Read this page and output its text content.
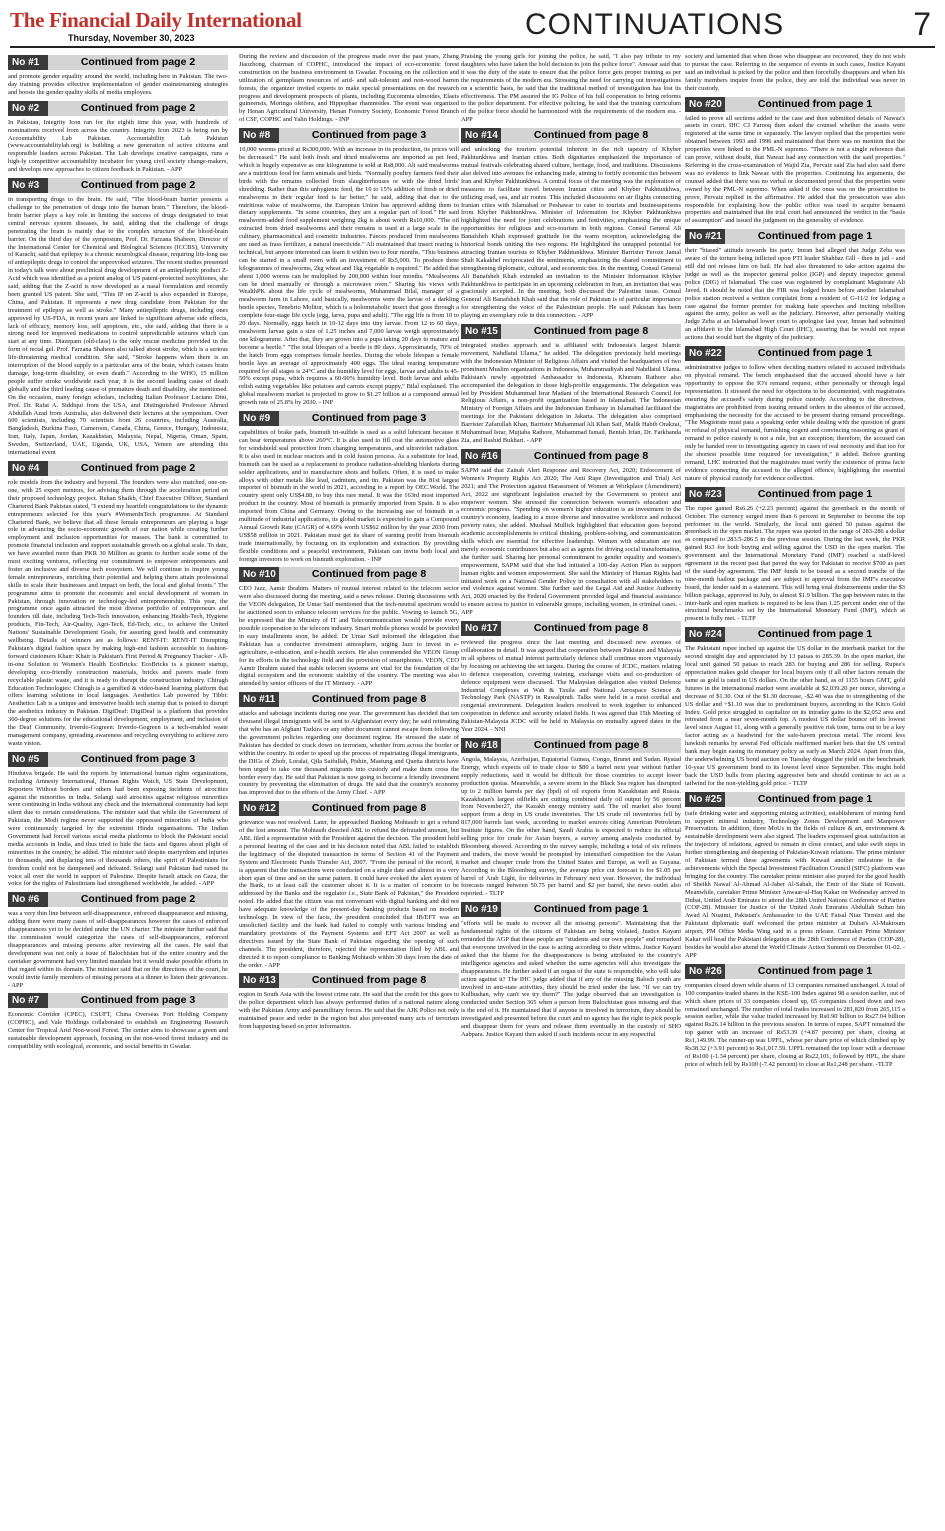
The Financial Daily International
Thursday, November 30, 2023	CONTINUATIONS	7
No #1	Continued from page 2
and promote gender equality around the world, including here in Pakistan. The two-day training provides effective implementation of gender mainstreaming strategies and boosts the gender quality skills of media employees.
No #2	Continued from page 2
In Pakistan, Integrity Icon ran for the eighth time this year, with hundreds of nominations received from across the country. Integrity Icon 2023 is being run by Accountability Lab Pakistan. Accountability Lab Pakistan (www.accountabilitylab.org) is building a new generation of active citizens and responsible leaders across Pakistan. The Lab develops creative campaigns, runs a high-ly competitive accountability incubator for young civil society change-makers, and develops new approaches to citizen feedback in Pakistan. - APP
No #3	Continued from page 2
in transporting drugs to the brain. He said, "The blood-brain barrier presents a challenge to the penetration of drugs into the human brain." Therefore, the blood-brain barrier plays a key role in limiting the success of drugs designated to treat central nervous system diseases, he said, adding that the challenge of drugs penetrating the brain is mainly due to the complex structure of the blood-brain barrier. On the third day of the symposium, Prof. Dr. Farzana Shaheen, Director of the International Center for Chemical and Biological Sciences (ICCBS), University of Karachi, said that epilepsy is a chronic neurological disease, requiring life-long use of antiepileptic drugs to control the unprovoked seizures. The recent studies presented in today's talk were about preclinical drug development of an antiepileptic product Z-Acid which was identified as a potent analog of US patent-protected isoxylitones, she said, adding that the Z-acid is now developed as a nasal formulation and recently been granted US patent. She said, "This IP on Z-acid is also expanded in Europe, China, and Pakistan. It represents a new drug candidate from Pakistan for the treatment of epilepsy as well as stroke." Many antiepileptic drugs, including ones approved by US-FDA, in recent years are linked to significant adverse side effects, lack of efficacy, memory loss, self apoptosis, etc., she said, adding that there is a strong need for improved medications to control unpredictable seizures which can start at any time. Diazepam (old-class) is the only rescue medicine provided in the form of rectal gel. Prof. Farzana Shaheen also talked about stroke, which is a serious life-threatening medical condition. She said, "Stroke happens when there is an interruption of the blood supply to a particular area of the brain, which causes brain damage, long-term disability, or even death." According to the WHO, 15 million people suffer stroke worldwide each year, it is the second leading cause of death globally and the third leading cause of premature death and disability, she mentioned. On the occasion, many foreign scholars, including Italian Professor Luciano Dini, Prof. Dr. Rafat A. Siddiqui from the USA, and Distinguished Professor Ahmed Abdullah Azad from Australia, also delivered their lectures at the symposium. Over 600 scientists, including 70 scientists from 26 countries, including Australia, Bangladesh, Burkina Faso, Cameroon, Canada, China, Greece, Hungary, Indonesia, Iran, Italy, Japan, Jordan, Kazakhstan, Malaysia, Nepal, Nigeria, Oman, Spain, Sweden, Switzerland, UAE, Uganda, UK, USA, Yemen are attending this international event
No #4	Continued from page 2
role models from the industry and beyond. The founders were also matched, one-on-one, with 25 expert mentors, for advising them through the acceleration period on their proposed technology project. Rehan Shaikh, Chief Executive Officer, Standard Chartered Bank Pakistan stated, "I extend my heartfelt congratulations to the dynamic entrepreneurs selected for this year's #WomenInTech programme. At Standard Chartered Bank, we believe that all these female entrepreneurs are playing a huge role in advancing the socio-economic growth of our nation while creating further employment and inclusion opportunities for masses. The bank is committed to promote financial inclusion and support sustainable growth on a global scale. To date, we have awarded more than PKR 30 Million as grants to further scale some of the most exciting ventures, reflecting our commitment to empower entrepreneurs and foster an inclusive and diverse tech ecosystem. We will continue to inspire young female entrepreneurs, enriching their potential and helping them attain professional skills to scale their businesses and impact on both, the local and global fronts." The programme aims to promote the economic and social development of women in Pakistan, through innovation or technology-led entrepreneurship. This year, the programme once again attracted the most diverse portfolio of entrepreneurs and founders till date, including Tech-Tech innovation, enhancing Health-Tech, Hygiene products, Fin-Tech, Air-Quality, Agri-Tech, Ed-Tech, etc., to achieve the United Nations' Sustainable Development Goals, for assuring good health and community wellbeing. Details of winners are as follows: RENT-IT: RENT-IT Disrupting Pakistan's digital fashion space by making high-end fashion accessible to fashion-forward customers Khair: Khair is Pakistan's First Period & Pregnancy Tracker - All-in-one Solution to Women's Health EcoBricks: EcoBricks is a pioneer startup, developing eco-friendly construction materials, bricks and pavers made from recyclable plastic waste, and it is ready to disrupt the construction industry. Chiragh Education Technologies: Chiragh is a gamified & video-based learning platform that offers learning solutions in local languages. Aesthetics Lab powered by Tibbi: Aesthetics Lab is a unique and innovative health tech startup that is poised to disrupt the aesthetics industry in Pakistan. DigiDeaf: DigiDeaf is a platform that provides 360-degree solutions for the educational development, employment, and inclusion of the Deaf Community. Irverdo-Gogreen: Irverdo-Gogreen is a tech-enabled waste management company, spreading awareness and recycling everything to achieve zero waste vision.
No #5	Continued from page 3
Hindutva brigade. He said the reports by international human rights organizations, including Amnesty International, Human Rights Watch, US State Development, Reporters Without borders and others had been exposing incidents of atrocities against the minorities in India. Solangi said atrocities against religious minorities were continuing in India without any check and the international community had kept silent due to certain considerations. The minister said that while the Government of Pakistan, the Modi regime never supported the oppressed minorities of India who were continuously targeted by the extremist Hindu organisations. The Indian Government had forced various social media platforms to block the Pakistani social media accounts in India, and thus tried to hide the facts and figures about plight of minorities in the country, he added. The minister said despite martyrdom and injuries to thousands, and displacing tens of thousands others, the spirit of Palestinians for freedom could not be dampened and defeated. Solangi said Pakistan had raised its voice all over the world in support of Palestine. Despite Israeli attack on Gaza, the voice for the rights of Palestinians had strengthened worldwide, he added. - APP
No #6	Continued from page 2
was a very thin line between self-disappearance, enforced disappearance and missing, adding there were many cases of self-disappearances however the cases of enforced disappearances yet to be decided under the UN charter. The minister further said that the commission would categorize the cases of self-disappearances, enforced disappearances and missing persons after reviewing all the cases. He said that development was not only a issue of Balochistan but of the entire country and the caretaker government had very limited mandate but it would make possible efforts in that regard within its domain. The minister said that on the directions of the court, he would invite family members of missing persons at a dinner to listen their grievances. - APP
No #7	Continued from page 3
Economic Corridor (CPEC), CSUFT, China Overseas Port Holding Company (COPHC), and Vale Holdings collaborated to establish an Engineering Research Center for Tropical Arid Non-wood Forest. The center aims to showcase a green and sustainable development approach, focusing on the non-wood forest industry and its compatibility with ecological, economic, and social benefits in Gwadar.
During the review and discussion of the progress made over the past years, Zhang Jiaozhong, chairman of COPHC, introduced the impact of eco-economic forest construction on the business environment in Gwadar. Focusing on the collection and utilization of germplasm resources of arid- and salt-tolerant and non-wood barren forests, the organizer invited experts to make special presentations on the research progress and development prospects of plants, including Eucommia ulmoides, Elaeis guineensis, Moringa oleifera, and Hippophae rhamnoides. The event was organized by Henan Agricultural University, Henan Forestry Society, Economic Forest Branch of CSF, COPHC and Yalin Holdings. - INP
No #8	Continued from page 3
10,000 worms priced at Rs300,000. With an increase in its production, its prices will be decreased." He said both fresh and dried mealworms are imported as pet feed, which is hugely expensive as one kilogramme is sold at Rs8,000. Ali said mealworms are a nutritious food for farm animals and birds. "Normally poultry farmers feed their birds with the remains collected from slaughterhouses or with the dried birds' shredding. Rather than this unhygienic feed, the 10 to 15% addition of fresh or dried mealworms in their regular feed is far better," he said, adding that due to the nutritious value of mealworms, the European Union has approved adding them to dietary supplements. "In some countries, they are a regular part of food." He said mealworm-added food supplement weighing 2kg is about worth Rs10,000. "The oil extracted from dried mealworms and their remains is used at a large scale in the culinary, pharmaceutical and cosmetic industries. Faeces produced from mealworms are used as frass fertilizer, a natural insecticide." Ali maintained that insect rearing is technical, but anyone interested can learn it within two to four months. "This business can be started in a small room with an investment of Rs5,000. To produce three kilogrammes of mealworms, 2kg wheat and 1kg vegetable is required." He added that about 1,000 worms can be multiplied by 200,000 within four months. "Mealworms can be dried manually or through a microwave oven." Sharing his views with WealthPK about the life cycle of mealworms, Muhammad Bilal, manager of a mealworm farm in Lahore, said basically, mealworms were the larvae of a darkling beetle species, Tenebrio Molitor, which is a holometabolic insect that goes through a complete four-stage life cycle (egg, larva, pupa and adult). "The egg life is from 10 to 20 days. Normally, eggs hatch in 10-12 days into tiny larvae. From 12 to 60 days, mealworm larvae gain a size of 1.25 inches and 7,000 larvae weigh approximately one kilogramme. After that, they are grown into a pupa taking 20 days to mature and become a beetle." "The total lifespan of a beetle is 80 days. Approximately, 70% of the hatch from eggs comprises female beetles. During the whole lifespan a female beetle lays an average of approximately 400 eggs. The ideal rearing temperature required for all stages is 24°C and the humidity level for eggs, larvae and adults is 45-50% except pupa, which requires a 60-90% humidity level. Both larvae and adults relish eating vegetables like potatoes and carrots except puppy," Bilal explained. The global mealworm market is projected to grow to $1.27 billion at a compound annual growth rate of 25.8% by 2030. - INP
No #9	Continued from page 3
capabilities of brake pads, bismuth tri-sulfide is used as a solid lubricant because it can bear temperatures above 260°C. It is also used to fill coat the automotive glass for windshield seal protection from changing temperatures, and ultraviolet radiation. It is also used in nuclear reactors and in cold fusion process. As a substitute for lead, bismuth can be used as a replacement to produce radiation-shielding blankets during solder applications, and to manufacture shots and bullets. Often, it is used to make alloys with other metals like lead, cadmium, and tin. Pakistan was the 81st largest importer of bismuth in the world in 2021, according to a report by OEC.World. The country spent only US$4.88, to buy this rare metal. It was the 163rd most imported product in the country. Most of bismuth is primarily imported from Spain. It is also imported from China and Germany. Owing to the increasing use of bismuth in a multitude of industrial applications, its global market is expected to gain a Compound Annual Growth Rate (CAGR) of 4.69% worth US$62 million by the year 2030 from US$58 million in 2021. Pakistan must get its share of earning profit from bismuth trade internationally, by focusing on its exploration and extraction. By providing flexible conditions and a peaceful environment, Pakistan can invite both local and foreign investors to work on bismuth exploration. - INP
No #10	Continued from page 8
CEO Jazz, Aamir Ibrahim. Matters of mutual interest related to the telecom sector were also discussed during the meeting, said a news release. During discussions with the VEON delegation, Dr Umar Saif mentioned that the tech-neutral spectrum would be auctioned soon to enhance telecom services for the public. Vowing to launch 5G, he expressed that the Ministry of IT and Telecommunication would provide every possible cooperation to the telecom industry. Smart mobile phones would be provided in easy installments soon, he added. Dr Umar Saif informed the delegation that Pakistan has a conducive investment atmosphere, urging Jazz to invest in e-agriculture, e-education, and e-health sectors. He also commended the VEON Group for its efforts in the technology field and the provision of smartphones. VEON, CEO Aamir Ibrahim stated that stable telecom systems are vital for the foundation of the digital ecosystem and the economic stability of the country. The meeting was also attended by senior officers of the IT Ministry. - APP
No #11	Continued from page 8
attacks and sabotage incidents during one year. The government has decided that ten thousand illegal immigrants will be sent to Afghanistan every day; he said reiterating that who has an Afghani Tazkira or any other document cannot escape from following the government policies regarding one document regime. He stressed the state of Pakistan has decided to crack down on terrorism, whether from across the border or within the country. In order to speed up the process of repatriating illegal immigrants, the DIGs of Zhob, Loralai, Qila Saifullah, Pishin, Mastung and Quetta districts have been urged to take one thousand migrants into custody and make them cross the border every day. He said that Pakistan is now going to become a friendly investment country by preventing the elimination of drugs. He said that the country's economy has improved due to the efforts of the Army Chief. - APP
No #12	Continued from page 8
grievance was not resolved. Later, he approached Banking Mohtasib to get a refund of the lost amount. The Mohtasib directed ABL to refund the defrauded amount, but ABL filed a representation with the President against the decision. The president held a personal hearing of the case and in his decision noted that ABL failed to establish the legitimacy of the disputed transaction in terms of Section 41 of the Payment System and Electronic Funds Transfer Act, 2007. "From the perusal of the record, it is apparent that the transactions were conducted on a single date and almost in a very short span of time and on the same pattern. It could have evoked the alert system of the Bank, to at least call the customer about it. It is a matter of concern to be addressed by the Banks and the regulator i.e., State Bank of Pakistan," the President noted. He added that the citizen was not conversant with digital banking and did not have adequate knowledge of the present-day banking products based on modern technology. In view of the facts, the president concluded that IB/EFT was an unsolicited facility and the bank had failed to comply with various binding and mandatory provisions of the Payment Systems and EFT Act 2007 as well as directives issued by the State Bank of Pakistan regarding the opening of such channels. The president, therefore, rejected the representation filed by ABL and directed it to report compliance to Banking Mohtasib within 30 days from the date of the order. - APP
No #13	Continued from page 8
region in South Asia with the lowest crime rate. He said that the credit for this goes to the police department which has always performed duties of a national nature along with the Pakistan Army and paramilitary forces. He said that the AJK Police not only maintained peace and order in the region but also prevented many acts of terrorism from happening based on prior information.
Praising the young girls for joining the police, he said, "I also pay tribute to my daughters who have taken the bold decision to join the police force". Anwaar said that it was the duty of the state to ensure that the police force gets proper training as per the requirements of the modern era. Stressing the need for carrying out investigations on a scientific basis, he said that the traditional method of investigation has lost its effectiveness. The PM assured the IG Police of his full cooperation to bring reforms to the police department. For effective policing, he said that the training curriculum of the police force should be harmonized with the requirements of the modern era. - APP
No #14	Continued from page 8
and unlocking the tourism potential inherent in the rich tapestry of Khyber Pakhtunkhwa and Iranian cities. Both dignitaries emphasized the importance of mutual festivals celebrating shared culture, heritage, food, and traditions. Discussions also delved into avenues for enhancing trade, aiming to fortify economic ties between Iran and Khyber Pakhtunkhwa. A central focus of the meeting was the exploration of measures to facilitate travel between Iranian cities and Khyber Pakhtunkhwa, utilizing road, sea, and air routes. This included discussions on air flights connecting Iranian cities with Islamabad or Peshawar to cater to tourists and businesspersons from Khyber Pakhtunkhwa. Minister of Information for Khyber Pakhtunkhwa highlighted the need for joint celebrations and festivities, emphasizing the unique opportunities for religious and eco-tourism in both regions. Consul General Ali Banafsheh Khah expressed gratitude for the warm reception, acknowledging the historical bonds uniting the two regions. He highlighted the untapped potential for attracting Iranian tourists to Khyber Pakhtunkhwa. Minister Barrister Feroze Jamal Shah Kakakhel reciprocated the sentiments, emphasizing the shared commitment to strengthening diplomatic, cultural, and economic ties. In the meeting, Consul General Ali Banafsheh Khah extended an invitation to the Minister Information Khyber Pakhtunkhwa to participate in an upcoming celebration in Iran, an invitation that was graciously accepted. In the meeting, both discussed the Palestine issue. Consul General Ali Banafsheh Khah said that the role of Pakistan is of particular importance for strengthening the voice of the Palestinian people. He said Pakistan has been playing an exemplary role in this connection. - APP
No #15	Continued from page 8
integrated studies approach and is affiliated with Indonesia's largest Islamic movement, Nahdlatul Ulama," he added. The delegation previously held meetings with the Indonesian Minister of Religious Affairs and visited the headquarters of two prominent Muslim organizations in Indonesia, Muhammadiyah and Nahdlatul Ulama. Pakistan's newly appointed Ambassador to Indonesia, Khurram Rathore also accompanied the delegation to those high-profile engagements. The delegation was led by President Muhammad Israr Madani of the International Research Council for Religious Affairs, a non-profit organization based in Islamabad. The Indonesian Ministry of Foreign Affairs and the Indonesian Embassy in Islamabad facilitated the meetings for the Pakistani delegation in Jakarta. The delegation also comprised Barrister Zafarullah Khan, Barrister Muhammad Ali Khan Saif, Malik Habib Orakzai, Muhammad Israr, Mujtaba Rathore, Muhammad Ismail, Benish Irfan, Dr. Farkhanda Zia, and Rashid Bukhari. - APP
No #16	Continued from page 8
SAPM said that Zainab Alert Response and Recovery Act, 2020; Enforcement of Women's Property Rights Act 2020; The Anti Rape (Investigation and Trial) Act 2021; and The Protection against Harassment of Women at Workplace (Amendment) Act, 2022 are significant legislation enacted by the Government to protect and empower women. She stressed the connection between women's education and economic progress. "Spending on women's higher education is an investment in the country's economy, leading to a more diverse and innovative workforce and reduced poverty rates, she added. Mushaal Mullick highlighted that education goes beyond academic accomplishments to critical thinking, problem-solving, and communication skills which are essential for effective leadership. Women with education are not merely economic contributors but also act as agents for driving social transformation, she further said. Sharing her personal commitment to gender equality and women's empowerment, SAPM said that she had initiated a 100-day Action Plan to support human rights and women empowerment. She said the Ministry of Human Rights had initiated work on a National Gender Policy in consultation with all stakeholders to end violence against women. She further said the Legal Aid and Justice Authority Act, 2020 enacted by the Federal Government provided legal and financial assistance to ensure access to justice to vulnerable groups, including women, in criminal cases. - APP
No #17	Continued from page 8
reviewed the progress since the last meeting and discussed new avenues of collaboration in detail. It was agreed that cooperation between Pakistan and Malaysia in all spheres of mutual interest particularly defence shall continue more vigorously by focusing on achieving the set targets. During the course of JCDC, matters relating to defence cooperation, covering training, exchange visits and co-production of defence equipment were discussed. The Malaysian delegation also visited Defence Industrial Complexes at Wah & Taxila and National Aerospace Science & Technology Park (NASTP) in Rawalpindi. Talks were held in a most cordial and congenial environment. Delegation leaders resolved to work together to enhanced cooperation in defence and security related fields. It was agreed that 15th Meeting of Pakistan-Malaysia JCDC will be held in Malaysia on mutually agreed dates in the Year 2024. - NNI
No #18	Continued from page 8
Angola, Malaysia, Azerbaijan, Equatorial Guinea, Congo, Brunei and Sudan. Rystad Energy, which expects oil to trade close to $80 a barrel next year without further supply reductions, said it would be difficult for those countries to accept lower production quotas. Meanwhile, a severe storm in the Black Sea region has disrupted up to 2 million barrels per day (bpd) of oil exports from Kazakhstan and Russia. Kazakhstan's largest oilfields are cutting combined daily oil output by 56 percent from November27, the Kazakh energy ministry said. The oil market also found support from a drop in US crude inventories. The US crude oil inventories fell by 817,000 barrels last week, according to market sources citing American Petroleum Institute figures. On the other hand, Saudi Arabia is expected to reduce its official selling price for crude for Asian buyers, a survey among analysts conducted by Bloomberg showed. According to the survey sample, including a total of six refiners and traders, the move would be prompted by intensified competition for the Asian market and cheaper crude from the United States and Europe, as well as Guyana. According to the Bloomberg survey, the average price cut forecast is for $1.05 per barrel of Arab Light, for deliveries in February next year. However, the individual forecasts ranged between 50.75 per barrel and $2 per barrel, the news outlet also reported. - TLTP
No #19	Continued from page 1
"efforts will be made to recover all the missing persons". Maintaining that the fundamental rights of the citizens of Pakistan are being violated, Justice Kayani reminded the AGP that these people are "students and our own people" and remarked that everyone involved in the case is acting according to their whims. Justice Kayani asked that the blame for the disappearances is being attributed to the country's intelligence agencies and asked whether the same agencies will also investigate the disappearances. He further asked if an organ of the state is responsible, who will take action against it? The IHC judge added that if any of the missing Baloch youth are involved in anti-state activities, they should be tried under the law. "If we can try Kulbushan, why can't we try them?" The judge observed that an investigation is conducted under Section 365 when a person from Balochistan goes missing and that is the end of it. He maintained that if anyone is involved in terrorism, they should be investigated and presented before the court and no agency has the right to pick people and disappear them for years and release them eventually in the custody of SHO Aabpara. Justice Kayani then asked if such incidents occur in any respectful
society and lamented that when those who disappear are recovered, they do not wish to pursue the case. Referring to the sequence of events in such cases, Justice Kayani said an individual is picked by the police and then forcefully disappears and when his family members inquire from the police, they are told the individual was never in their custody.
No #20	Continued from page 1
failed to prove all sections added to the case and then submitted details of Nawaz's assets in court. IHC CJ Farooq then asked the counsel whether the assets were registered at the same time or separately. The lawyer replied that the properties were obtained between 1993 and 1996 and maintained that there was no mention that the properties were linked to the PML-N supremo. "There is not a single reference that can prove, without doubt, that Nawaz had any connection with the said properties." Referring to the cross-examination of Wajid Zia, Pervaiz said Zia had also said there was no evidence to link Nawaz with the properties. Continuing his arguments, the counsel added that there was no verbal or documented proof that the properties were owned by the PML-N supremo. When asked if the onus was on the prosecution to prove, Pervaiz replied in the affirmative. He added that the prosecution was also responsible for explaining how the public office was used to acquire benaami properties and maintained that the trial court had announced the verdict in the "basis of assumption" and issued the judgment on the generality of evidence.
No #21	Continued from page 1
their "biased" attitude towards his party. Imran had alleged that Judge Zeba was aware of the torture being inflicted upon PTI leader Shahbaz Gill - then in jail - and still did not release him on bail. He had also threatened to take action against the judge as well as the inspector general police (IGP) and deputy inspector general police (DIG) of Islamabad. The case was registered by complainant Magistrate Ali Javed. It should be noted that the FIR was lodged hours before another Islamabad police station received a written complaint from a resident of G-11/2 for lodging a case against the former premier for making hate speeches and inciting rebellion against the army, police as well as the judiciary. However, after personally visiting Judge Zeba at an Islamabad lower court to apologise last year, Imran had submitted an affidavit to the Islamabad High Court (IHC), assuring that he would not repeat actions that would hurt the dignity of the judiciary.
No #22	Continued from page 1
administrative judges to follow when deciding matters related to accused individuals on physical remand. The bench emphasised that the accused should have a fair opportunity to oppose the IO's remand request, either personally or through legal representation. It stressed the need for objections to be documented, with magistrates ensuring the accused's safety during police custody. According to the directives, magistrates are prohibited from issuing remand orders in the absence of the accused, emphasising the necessity for the accused to be present during remand proceedings. "The Magistrate must pass a speaking order while dealing with the question of grant or refusal of physical remand, furnishing cogent and convincing reasoning as grant of remand to police custody is not a rule, but an exception; therefore, the accused can only be handed over to investigating agency in cases of real necessity and that too for the shortest possible time required for investigation," it added. Before granting remand, LHC instructed that the magistrates must verify the existence of prima facie evidence connecting the accused to the alleged offence, highlighting the essential nature of physical custody for evidence collection.
No #23	Continued from page 1
The rupee gained Rs6.26 (+2.23 percent) against the greenback in the month of October. The currency surged more than 6 percent in September to become the top performer in the world. Similarly, the local unit gained 50 paisas against the greenback in the open market. The rupee was quoted in the range of 283-286 a dollar as compared to 283.5-286.5 in the previous session. During the last week, the PKR gained Rs3 for both buying and selling against the USD in the open market. The government and the International Monetary Fund (IMF) reached a staff-level agreement in the recent past that paved the way for Pakistan to receive $700 as part of the stand-by agreement. The IMF funds to be issued as a second tranche of the nine-month bailout package and are subject to approval from the IMF's executive board, the lender said in a statement. This will bring total disbursements under the $3 billion package, approved in July, to almost $1.9 billion. The gap between rates in the inter-bank and open markets is required to be less than 1.25 percent under one of the structural benchmarks set by the International Monetary Fund (IMF), which at present is fully met. - TLTP
No #24	Continued from page 1
The Pakistani rupee inched up against the US dollar in the interbank market for the second straight day and appreciated by 13 paisas to 285.39. In the open market, the local unit gained 50 paisas to reach 283 for buying and 286 for selling. Rupee's appreciation makes gold cheaper for local buyers only if all other factors remain the same as gold is rated in US dollars. On the other hand, as of 1155 hours GMT, gold futures in the international market were available at $2,039.20 per ounce, showing a decrease of $1.30. Out of the $1.30 decrease, -$2.40 was due to strengthening of the US dollar and +$1.10 was due to predominant buyers, according to the Kitco Gold Index. Gold price struggled to capitalize on its intraday gains to the $2,052 area and retreated from a near seven-month top. A modest US dollar bounce off its lowest level since August 11, along with a generally positive risk tone, turns out to be a key factor acting as a headwind for the safe-haven precious metal. The recent less hawkish remarks by several Fed officials reaffirmed market bets that the US central bank may begin easing its monetary policy as early as March 2024. Apart from this, the underwhelming US bond auction on Tuesday dragged the yield on the benchmark 10-year US government bond to its lowest level since September. This might hold back the USD bulls from placing aggressive bets and should continue to act as a tailwind for the non-yielding gold price. - TLTP
No #25	Continued from page 1
(safe drinking water and supporting mining activities), establishment of mining fund to support mineral industry, Technology Zones Development and Manpower Preservation. In addition, three MoUs in the fields of culture & art, environment & sustainable development were also signed. The leaders expressed great satisfaction at the trajectory of relations, agreed to remain in close contact, and take swift steps in further strengthening and deepening of Pakistan-Kuwait relations. The prime minister of Pakistan termed these agreements with Kuwait another milestone in the achievements which the Special Investment Facilitation Council (SIFC) platform was bringing for the country. The caretaker prime minister also prayed for the good health of Sheikh Nawaf Al-Ahmad Al-Jaber Al-Sabah, the Emir of the State of Kuwait. Meanwhile, caretaker Prime Minister Anwaar-ul-Haq Kakar on Wednesday arrived in Dubai, United Arab Emirates to attend the 28th United Nations Conference of Parties (COP-28). Minister for Justice of the United Arab Emirates Abdullah Sultan bin Awad Al Nuaimi, Pakistan's Ambassador to the UAE Faisal Niaz Tirmizi and the Pakistani diplomatic staff welcomed the prime minister at Dubai's Al-Maktoum airport, PM Office Media Wing said in a press release. Caretaker Prime Minister Kakar will head the Pakistani delegation at the 28th Conference of Parties (COP-28), besides he would also attend the World Climate Action Summit on December 01-02. - APP
No #26	Continued from page 1
companies closed down while shares of 13 companies remained unchanged. A total of 100 companies traded shares in the KSE-100 Index against 98 a session earlier, out of which share prices of 33 companies closed up, 65 companies closed down and two remained unchanged. The number of total trades increased to 281,820 from 265,115 a session earlier, while the value traded increased by Rs0.90 billion to Rs27.04 billion against Rs26.14 billion in the previous session. In terms of rupee, SAPT remained the top gainer with an increase of Rs53.39 (+4.87 percent) per share, closing at Rs1,149.99. The runner-up was UPFL, whose per share price of which climbed up by Rs38.32 (+3.91 percent) to Rs1,017.59. UPFL remained the top loser with a decrease of Rs100 (-1.34 percent) per share, closing at Rs22,101, followed by HPL, the share price of which fell by Rs100 (-7.42 percent) to close at Rs1,248 per share. -TLTP
